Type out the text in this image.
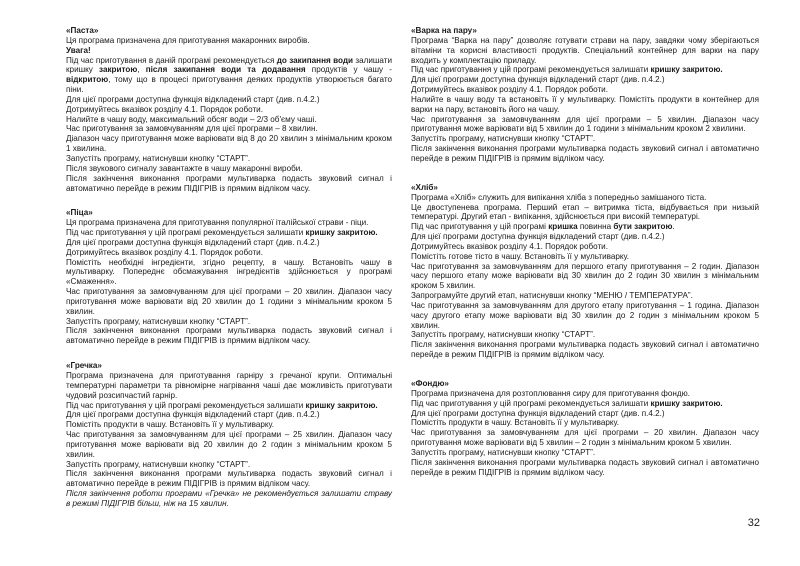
«Паста»

Ця програма призначена для приготування макаронних виробів.

Увага!

Під час приготування в даній програмі рекомендується до закипання води залишати кришку закритою, після закипання води та додавання продуктів у чашу - відкритою, тому що в процесі приготування деяких продуктів утворюється багато піни.

Для цієї програми доступна функція відкладений старт (див. п.4.2.)

Дотримуйтесь вказівок розділу 4.1. Порядок роботи.

Налийте в чашу воду, максимальний обсяг води – 2/3 об'єму чаші.

Час приготування за замовчуванням для цієї програми – 8 хвилин.

Діапазон часу приготування може варіювати від 8 до 20 хвилин з мінімальним кроком 1 хвилина.

Запустіть програму, натиснувши кнопку “СТАРТ”.

Після звукового сигналу завантажте в чашу макаронні вироби.

Після закінчення виконання програми мультиварка подасть звуковий сигнал і автоматично перейде в режим ПІДІГРІВ із прямим відліком часу.

«Піца»

Ця програма призначена для приготування популярної італійської страви - піци.

Під час приготування у цій програмі рекомендується залишати кришку закритою.

Для цієї програми доступна функція відкладений старт (див. п.4.2.)

Дотримуйтесь вказівок розділу 4.1. Порядок роботи.

Помістіть необхідні інгредієнти, згідно рецепту, в чашу. Встановіть чашу в мультиварку. Попереднє обсмажування інгредієнтів здійснюється у програмі «Смаження».

Час приготування за замовчуванням для цієї програми – 20 хвилин. Діапазон часу приготування може варіювати від 20 хвилин до 1 години з мінімальним кроком 5 хвилин.

Запустіть програму, натиснувши кнопку “СТАРТ”.

Після закінчення виконання програми мультиварка подасть звуковий сигнал і автоматично перейде в режим ПІДІГРІВ із прямим відліком часу.

«Гречка»

Програма призначена для приготування гарніру з гречаної крупи. Оптимальні температурні параметри та рівномірне нагрівання чаші дає можливість приготувати чудовий розсипчастий гарнір.

Під час приготування у цій програмі рекомендується залишати кришку закритою.

Для цієї програми доступна функція відкладений старт (див. п.4.2.)

Помістіть продукти в чашу. Встановіть її у мультиварку.

Час приготування за замовчуванням для цієї програми – 25 хвилин. Діапазон часу приготування може варіювати від 20 хвилин до 2 годин з мінімальним кроком 5 хвилин.

Запустіть програму, натиснувши кнопку “СТАРТ”.

Після закінчення виконання програми мультиварка подасть звуковий сигнал і автоматично перейде в режим ПІДІГРІВ із прямим відліком часу.

Після закінчення роботи програми «Гречка» не рекомендується залишати страву в режимі ПІДІГРІВ більш, ніж на 15 хвилин.

«Варка на пару»

Програма “Варка на пару” дозволяє готувати страви на пару, завдяки чому зберігаються вітаміни та корисні властивості продуктів. Спеціальний контейнер для варки на пару входить у комплектацію приладу.

Під час приготування у цій програмі рекомендується залишати кришку закритою.

Для цієї програми доступна функція відкладений старт (див. п.4.2.)

Дотримуйтесь вказівок розділу 4.1. Порядок роботи.

Налийте в чашу воду та встановіть її у мультиварку. Помістіть продукти в контейнер для варки на пару, встановіть його на чашу.

Час приготування за замовчуванням для цієї програми – 5 хвилин. Діапазон часу приготування може варіювати від 5 хвилин до 1 години з мінімальним кроком 2 хвилини.

Запустіть програму, натиснувши кнопку “СТАРТ”.

Після закінчення виконання програми мультиварка подасть звуковий сигнал і автоматично перейде в режим ПІДІГРІВ із прямим відліком часу.

«Хліб»

Програма «Хліб» служить для випікання хліба з попередньо замішаного тіста.

Це двоступенева програма. Перший етап – витримка тіста, відбувається при низькій температурі. Другий етап - випікання, здійснюється при високій температурі.

Під час приготування у цій програмі кришка повинна бути закритою.

Для цієї програми доступна функція відкладений старт (див. п.4.2.)

Дотримуйтесь вказівок розділу 4.1. Порядок роботи.

Помістіть готове тісто в чашу. Встановіть її у мультиварку.

Час приготування за замовчуванням для першого етапу приготування – 2 годин. Діапазон часу першого етапу може варіювати від 30 хвилин до 2 годин 30 хвилин з мінімальним кроком 5 хвилин.

Запрограмуйте другий етап, натиснувши кнопку “МЕНЮ / ТЕМПЕРАТУРА”.

Час приготування за замовчуванням для другого етапу приготування – 1 година. Діапазон часу другого етапу може варіювати від 30 хвилин до 2 годин з мінімальним кроком 5 хвилин.

Запустіть програму, натиснувши кнопку “СТАРТ”.

Після закінчення виконання програми мультиварка подасть звуковий сигнал і автоматично перейде в режим ПІДІГРІВ із прямим відліком часу.

«Фондю»

Програма призначена для розтоплювання сиру для приготування фондю.

Під час приготування у цій програмі рекомендується залишати кришку закритою.

Для цієї програми доступна функція відкладений старт (див. п.4.2.)

Помістіть продукти в чашу. Встановіть її у мультиварку.

Час приготування за замовчуванням для цієї програми – 20 хвилин. Діапазон часу приготування може варіювати від 5 хвилин – 2 годин з мінімальним кроком 5 хвилин.

Запустіть програму, натиснувши кнопку “СТАРТ”.

Після закінчення виконання програми мультиварка подасть звуковий сигнал і автоматично перейде в режим ПІДІГРІВ із прямим відліком часу.

32
